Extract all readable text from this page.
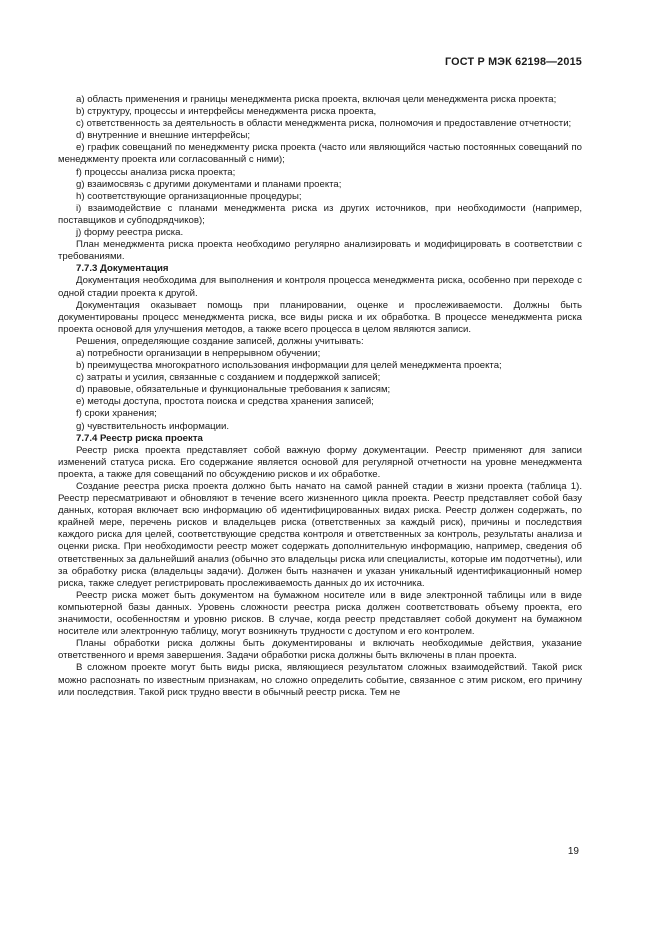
ГОСТ Р МЭК 62198—2015

a) область применения и границы менеджмента риска проекта, включая цели менеджмента риска проекта;

b) структуру, процессы и интерфейсы менеджмента риска проекта,

c) ответственность за деятельность в области менеджмента риска, полномочия и предоставление отчетности;

d) внутренние и внешние интерфейсы;

e) график совещаний по менеджменту риска проекта (часто или являющийся частью постоянных совещаний по менеджменту проекта или согласованный с ними);

f) процессы анализа риска проекта;

g) взаимосвязь с другими документами и планами проекта;

h) соответствующие организационные процедуры;

i) взаимодействие с планами менеджмента риска из других источников, при необходимости (например, поставщиков и субподрядчиков);

j) форму реестра риска.

План менеджмента риска проекта необходимо регулярно анализировать и модифицировать в соответствии с требованиями.

7.7.3 Документация

Документация необходима для выполнения и контроля процесса менеджмента риска, особенно при переходе с одной стадии проекта к другой.

Документация оказывает помощь при планировании, оценке и прослеживаемости. Должны быть документированы процесс менеджмента риска, все виды риска и их обработка. В процессе менеджмента риска проекта основой для улучшения методов, а также всего процесса в целом являются записи.

Решения, определяющие создание записей, должны учитывать:

a) потребности организации в непрерывном обучении;

b) преимущества многократного использования информации для целей менеджмента проекта;

c) затраты и усилия, связанные с созданием и поддержкой записей;

d) правовые, обязательные и функциональные требования к записям;

e) методы доступа, простота поиска и средства хранения записей;

f) сроки хранения;

g) чувствительность информации.

7.7.4 Реестр риска проекта

Реестр риска проекта представляет собой важную форму документации. Реестр применяют для записи изменений статуса риска. Его содержание является основой для регулярной отчетности на уровне менеджмента проекта, а также для совещаний по обсуждению рисков и их обработке.

Создание реестра риска проекта должно быть начато на самой ранней стадии в жизни проекта (таблица 1). Реестр пересматривают и обновляют в течение всего жизненного цикла проекта. Реестр представляет собой базу данных, которая включает всю информацию об идентифицированных видах риска. Реестр должен содержать, по крайней мере, перечень рисков и владельцев риска (ответственных за каждый риск), причины и последствия каждого риска для целей, соответствующие средства контроля и ответственных за контроль, результаты анализа и оценки риска. При необходимости реестр может содержать дополнительную информацию, например, сведения об ответственных за дальнейший анализ (обычно это владельцы риска или специалисты, которые им подотчетны), или за обработку риска (владельцы задачи). Должен быть назначен и указан уникальный идентификационный номер риска, также следует регистрировать прослеживаемость данных до их источника.

Реестр риска может быть документом на бумажном носителе или в виде электронной таблицы или в виде компьютерной базы данных. Уровень сложности реестра риска должен соответствовать объему проекта, его значимости, особенностям и уровню рисков. В случае, когда реестр представляет собой документ на бумажном носителе или электронную таблицу, могут возникнуть трудности с доступом и его контролем.

Планы обработки риска должны быть документированы и включать необходимые действия, указание ответственного и время завершения. Задачи обработки риска должны быть включены в план проекта.

В сложном проекте могут быть виды риска, являющиеся результатом сложных взаимодействий. Такой риск можно распознать по известным признакам, но сложно определить событие, связанное с этим риском, его причину или последствия. Такой риск трудно ввести в обычный реестр риска. Тем не

19
